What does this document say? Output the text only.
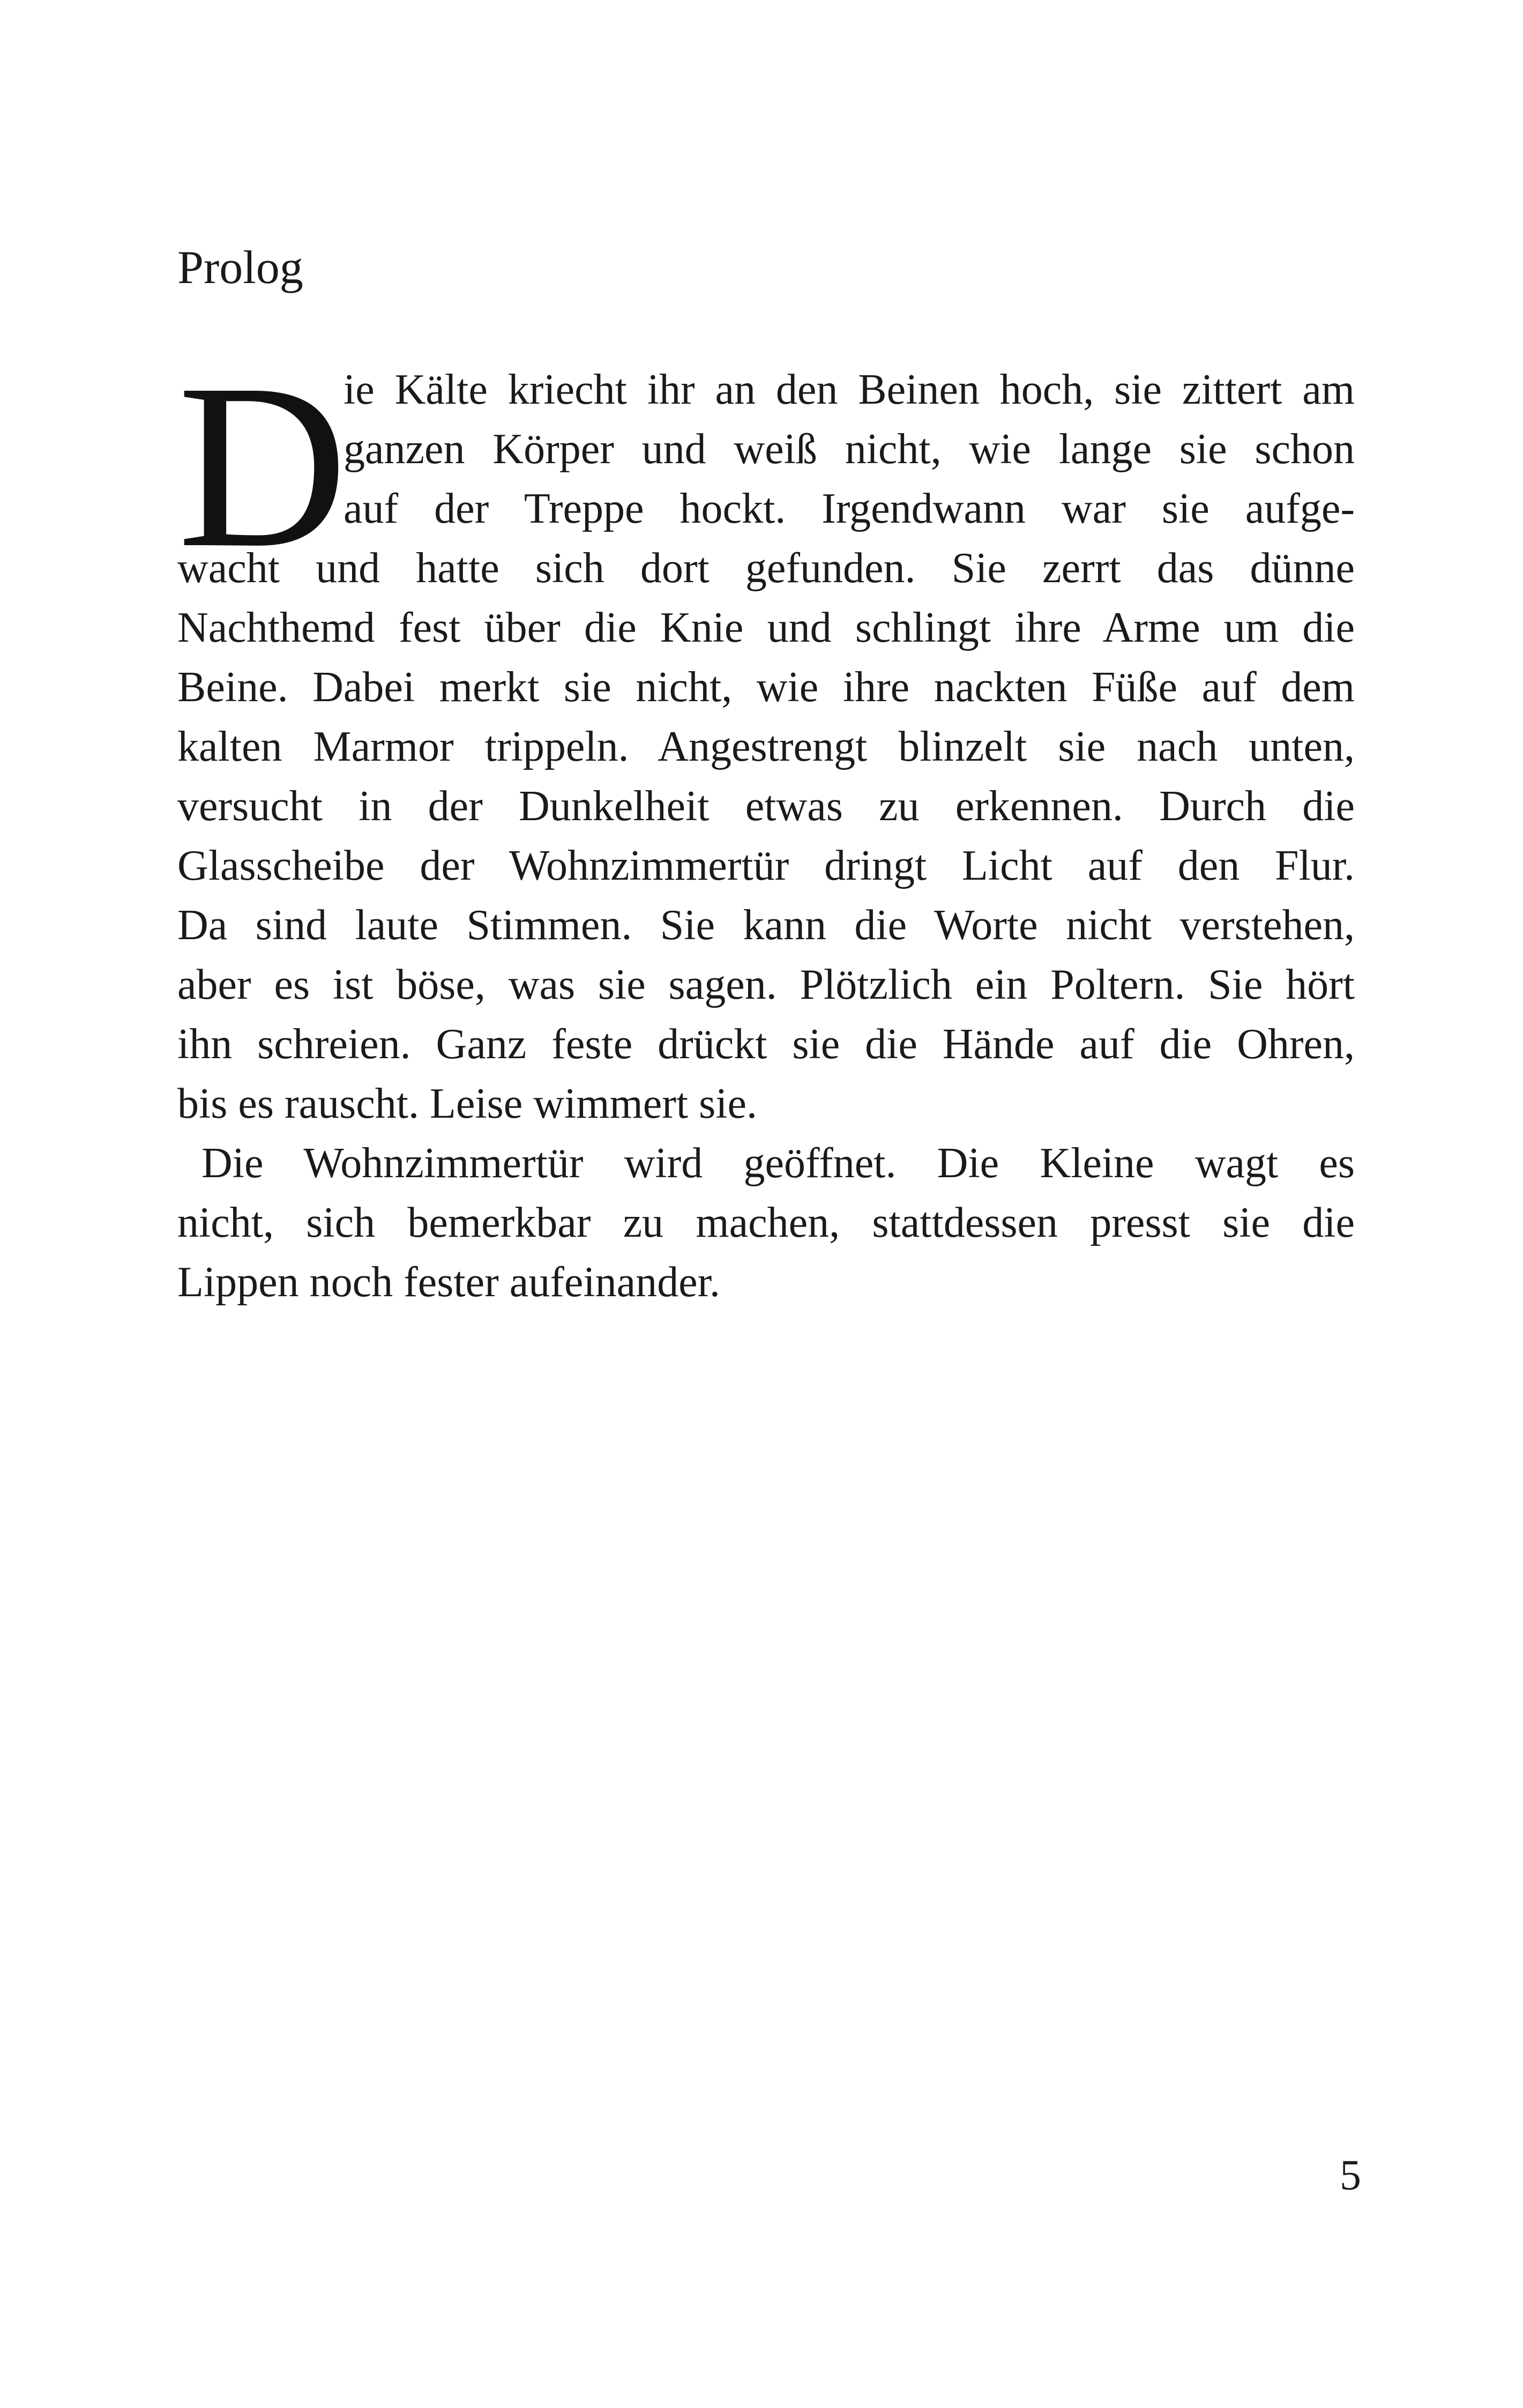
Prolog
D
ie Kälte kriecht ihr an den Beinen hoch, sie zittert am
ganzen Körper und weiß nicht, wie lange sie schon
auf der Treppe hockt. Irgendwann war sie aufge-
wacht und hatte sich dort gefunden. Sie zerrt das dünne
Nachthemd fest über die Knie und schlingt ihre Arme um die
Beine. Dabei merkt sie nicht, wie ihre nackten Füße auf dem
kalten Marmor trippeln. Angestrengt blinzelt sie nach unten,
versucht in der Dunkelheit etwas zu erkennen. Durch die
Glasscheibe der Wohnzimmertür dringt Licht auf den Flur.
Da sind laute Stimmen. Sie kann die Worte nicht verstehen,
aber es ist böse, was sie sagen. Plötzlich ein Poltern. Sie hört
ihn schreien. Ganz feste drückt sie die Hände auf die Ohren,
bis es rauscht. Leise wimmert sie.
Die Wohnzimmertür wird geöffnet. Die Kleine wagt es
nicht, sich bemerkbar zu machen, stattdessen presst sie die
Lippen noch fester aufeinander.
5
